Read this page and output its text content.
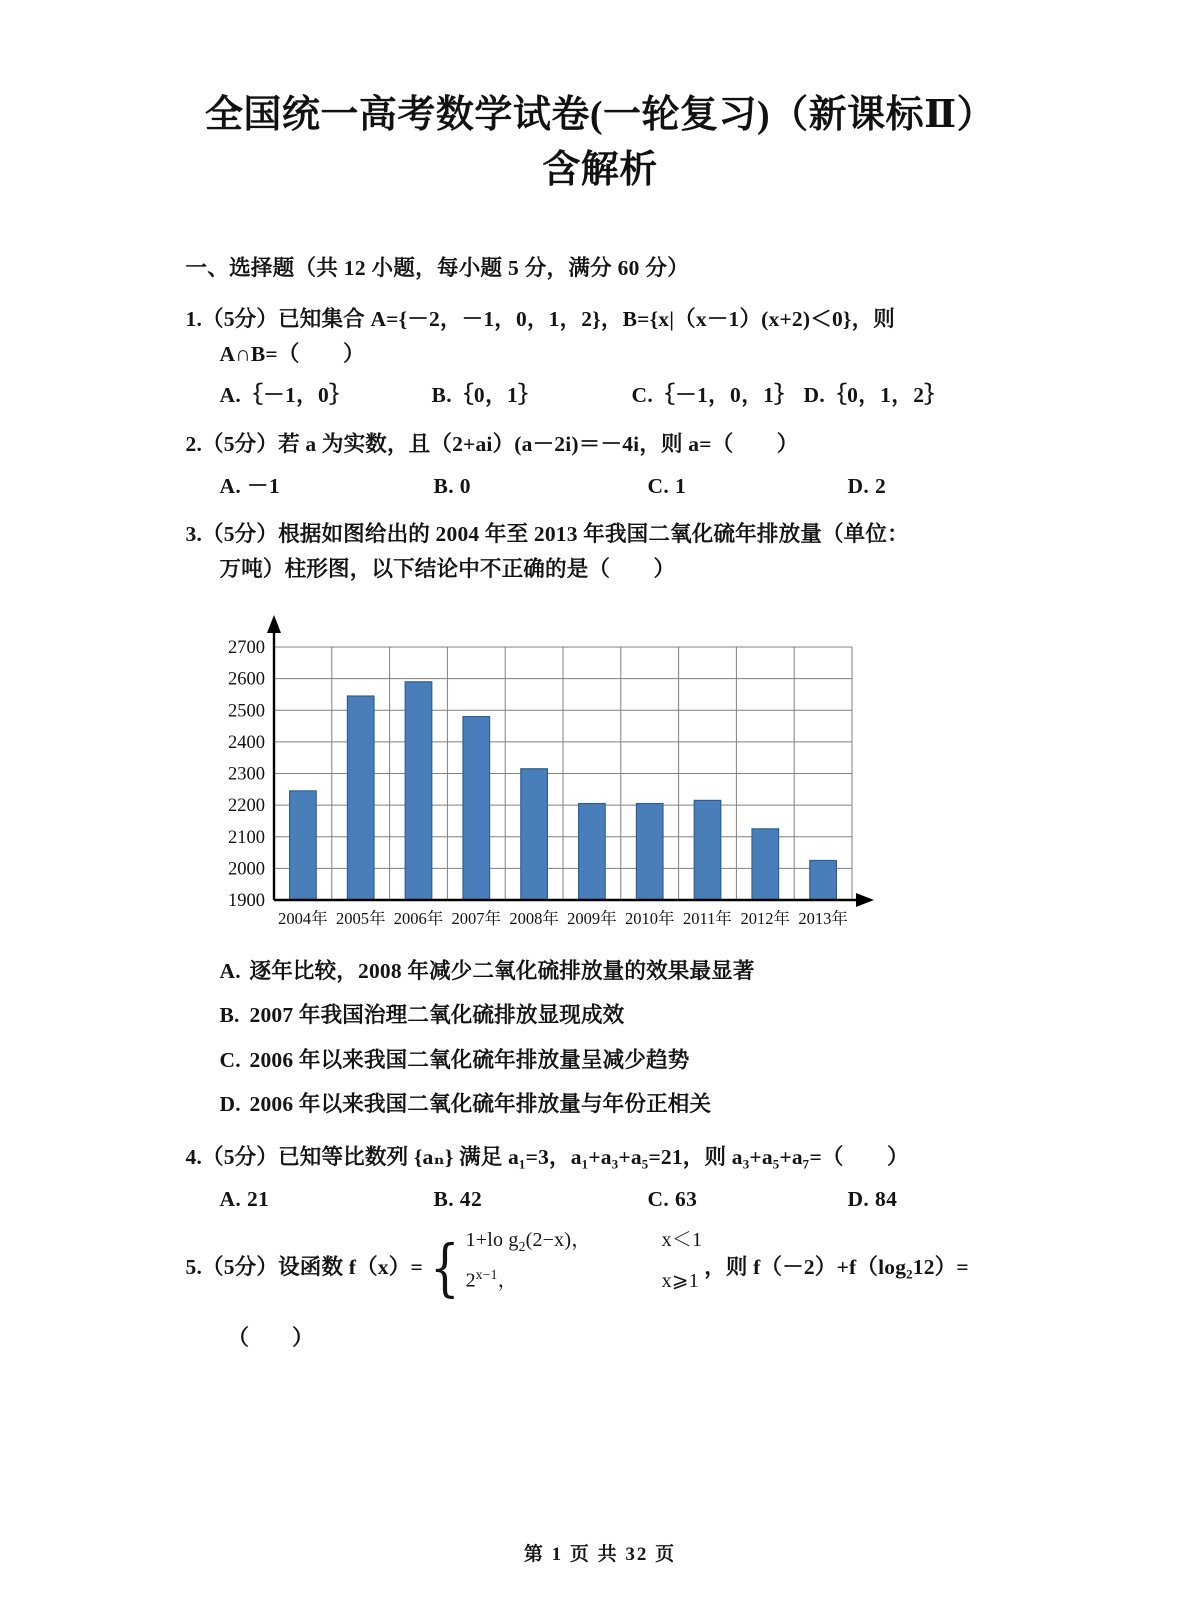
全国统一高考数学试卷(一轮复习)（新课标Ⅱ）
含解析
一、选择题（共 12 小题，每小题 5 分，满分 60 分）
1.（5分）已知集合 A={－2，－1，0，1，2}，B={x|（x－1）(x+2)＜0}，则
A∩B=（　　）
A.｛－1，0｝	B.｛0，1｝	C.｛－1，0，1｝ D.｛0，1，2｝
2.（5分）若 a 为实数，且（2+ai）(a－2i)＝－4i，则 a=（　　）
A. －1	B. 0	C. 1	D. 2
3.（5分）根据如图给出的 2004 年至 2013 年我国二氧化硫年排放量（单位：
万吨）柱形图，以下结论中不正确的是（　　）
1900
2000
2100
2200
2300
2400
2500
2600
2700
2004年 2005年 2006年 2007年 2008年 2009年 2010年 2011年 2012年 2013年
A. 逐年比较，2008 年减少二氧化硫排放量的效果最显著
B. 2007 年我国治理二氧化硫排放显现成效
C. 2006 年以来我国二氧化硫年排放量呈减少趋势
D. 2006 年以来我国二氧化硫年排放量与年份正相关
4.（5分）已知等比数列 {aₙ} 满足 a₁=3，a₁+a₃+a₅=21，则 a₃+a₅+a₇=（　　）
A. 21	B. 42	C. 63	D. 84
5.（5分）设函数 f（x）= { 1+lo $g_2(2-x)$，	x＜1
$2^{x-1}$，	x⩾1
，则 f（－2）+f（log₂12）=
（　　）
第 1 页 共 32 页
